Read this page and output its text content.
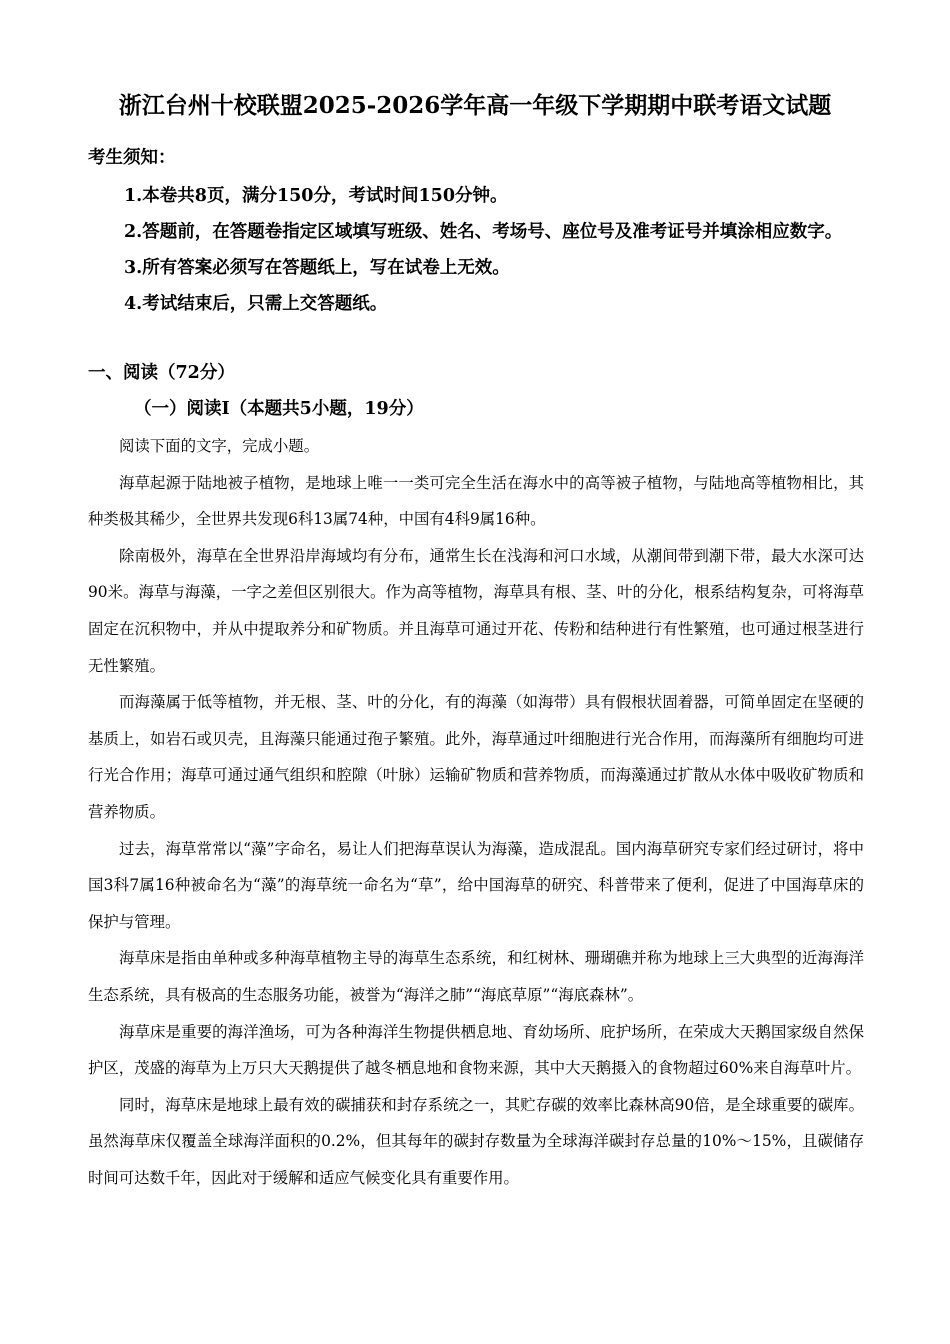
浙江台州十校联盟2025-2026学年高一年级下学期期中联考语文试题
考生须知：
1.本卷共8页，满分150分，考试时间150分钟。
2.答题前，在答题卷指定区域填写班级、姓名、考场号、座位号及准考证号并填涂相应数字。
3.所有答案必须写在答题纸上，写在试卷上无效。
4.考试结束后，只需上交答题纸。
一、阅读（72分）
（一）阅读Ⅰ（本题共5小题，19分）

阅读下面的文字，完成小题。

海草起源于陆地被子植物，是地球上唯一一类可完全生活在海水中的高等被子植物，与陆地高等植物相比，其种类极其稀少，全世界共发现6科13属74种，中国有4科9属16种。

除南极外，海草在全世界沿岸海域均有分布，通常生长在浅海和河口水域，从潮间带到潮下带，最大水深可达90米。海草与海藻，一字之差但区别很大。作为高等植物，海草具有根、茎、叶的分化，根系结构复杂，可将海草固定在沉积物中，并从中提取养分和矿物质。并且海草可通过开花、传粉和结种进行有性繁殖，也可通过根茎进行无性繁殖。

而海藻属于低等植物，并无根、茎、叶的分化，有的海藻（如海带）具有假根状固着器，可简单固定在坚硬的基质上，如岩石或贝壳，且海藻只能通过孢子繁殖。此外，海草通过叶细胞进行光合作用，而海藻所有细胞均可进行光合作用；海草可通过通气组织和腔隙（叶脉）运输矿物质和营养物质，而海藻通过扩散从水体中吸收矿物质和营养物质。

过去，海草常常以“藻”字命名，易让人们把海草误认为海藻，造成混乱。国内海草研究专家们经过研讨，将中国3科7属16种被命名为“藻”的海草统一命名为“草”，给中国海草的研究、科普带来了便利，促进了中国海草床的保护与管理。

海草床是指由单种或多种海草植物主导的海草生态系统，和红树林、珊瑚礁并称为地球上三大典型的近海海洋生态系统，具有极高的生态服务功能，被誉为“海洋之肺”“海底草原”“海底森林”。

海草床是重要的海洋渔场，可为各种海洋生物提供栖息地、育幼场所、庇护场所，在荣成大天鹅国家级自然保护区，茂盛的海草为上万只大天鹅提供了越冬栖息地和食物来源，其中大天鹅摄入的食物超过60%来自海草叶片。

同时，海草床是地球上最有效的碳捕获和封存系统之一，其贮存碳的效率比森林高90倍，是全球重要的碳库。虽然海草床仅覆盖全球海洋面积的0.2%，但其每年的碳封存数量为全球海洋碳封存总量的10%～15%，且碳储存时间可达数千年，因此对于缓解和适应气候变化具有重要作用。
